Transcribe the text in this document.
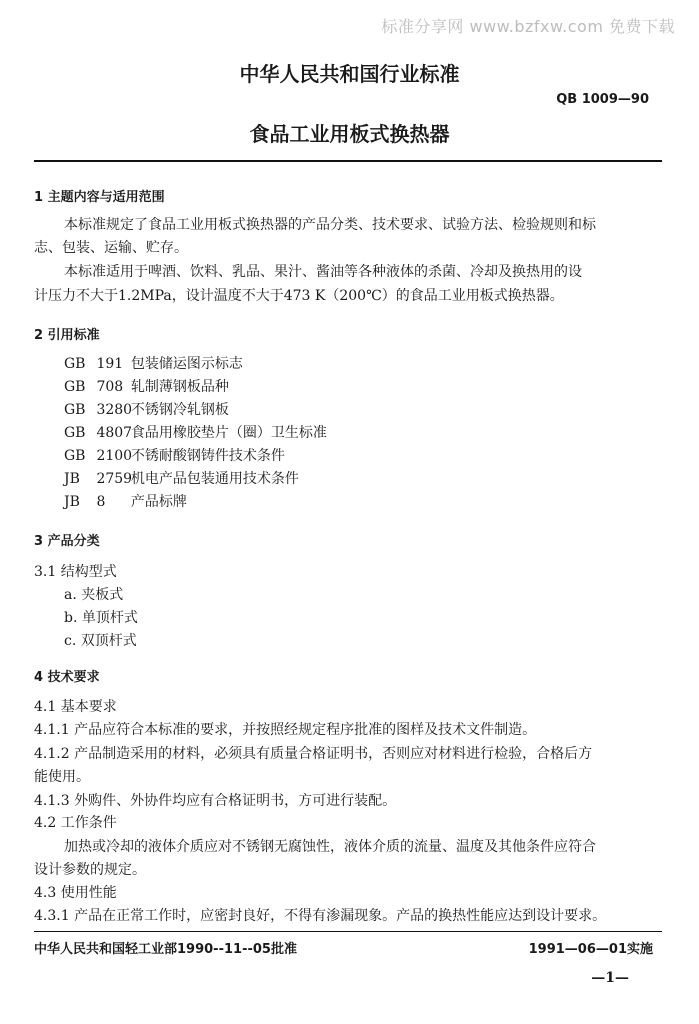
标准分享网 www.bzfxw.com 免费下载
中华人民共和国行业标准
QB 1009—90
食品工业用板式换热器
1 主题内容与适用范围
本标准规定了食品工业用板式换热器的产品分类、技术要求、试验方法、检验规则和标
志、包装、运输、贮存。
本标准适用于啤酒、饮料、乳品、果汁、酱油等各种液体的杀菌、冷却及换热用的设
计压力不大于1.2MPa，设计温度不大于473 K（200℃）的食品工业用板式换热器。
2 引用标准
GB 191 包装储运图示标志
GB 708 轧制薄钢板品种
GB 3280 不锈钢冷轧钢板
GB 4807 食品用橡胶垫片（圈）卫生标准
GB 2100 不锈耐酸钢铸件技术条件
JB 2759 机电产品包装通用技术条件
JB 8 产品标牌
3 产品分类
3.1 结构型式
a. 夹板式
b. 单顶杆式
c. 双顶杆式
4 技术要求
4.1 基本要求
4.1.1 产品应符合本标准的要求，并按照经规定程序批准的图样及技术文件制造。
4.1.2 产品制造采用的材料，必须具有质量合格证明书，否则应对材料进行检验，合格后方
能使用。
4.1.3 外购件、外协件均应有合格证明书，方可进行装配。
4.2 工作条件
加热或冷却的液体介质应对不锈钢无腐蚀性，液体介质的流量、温度及其他条件应符合
设计参数的规定。
4.3 使用性能
4.3.1 产品在正常工作时，应密封良好，不得有渗漏现象。产品的换热性能应达到设计要求。
中华人民共和国轻工业部1990--11--05批准	1991—06—01实施
—1—
